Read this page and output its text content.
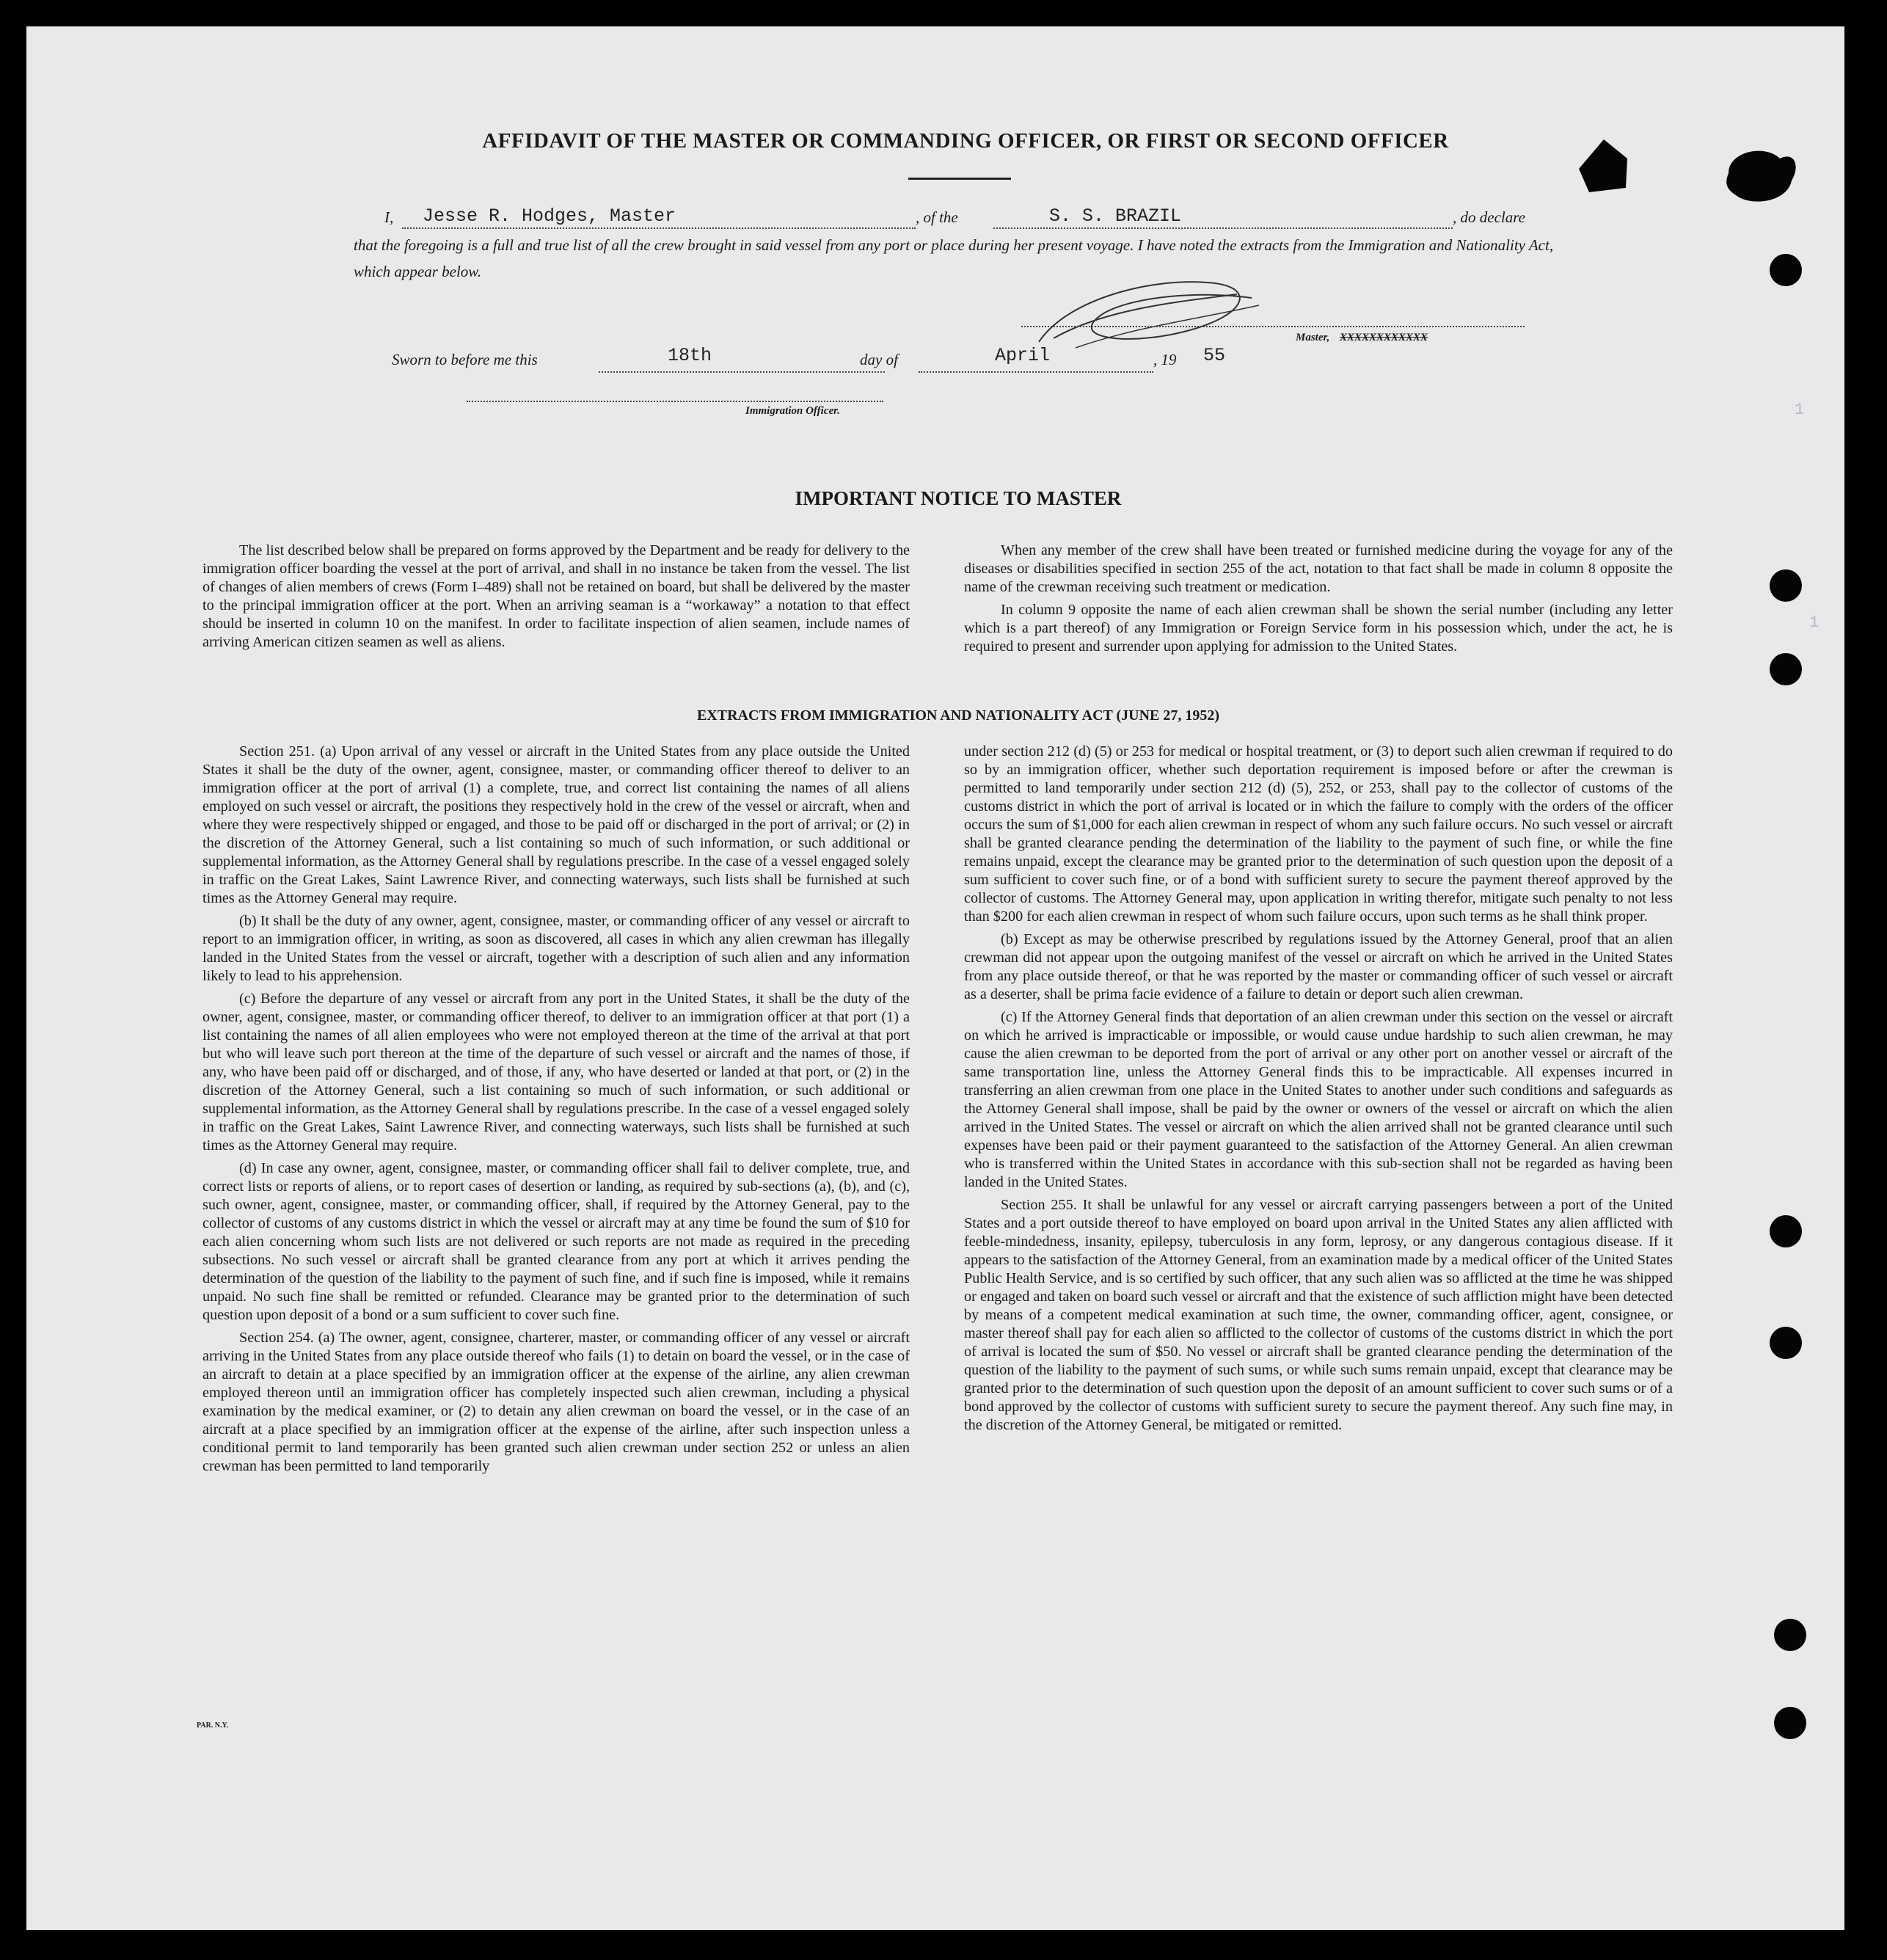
AFFIDAVIT OF THE MASTER OR COMMANDING OFFICER, OR FIRST OR SECOND OFFICER
I, Jesse R. Hodges, Master	, of the	S. S. BRAZIL	, do declare
that the foregoing is a full and true list of all the crew brought in said vessel from any port or place during her present voyage. I have noted the extracts from the Immigration and Nationality Act, which appear below.
Master, XXXXXXXXXXXX
Sworn to before me this	18th	day of	April	, 19 55
Immigration Officer.
IMPORTANT NOTICE TO MASTER

The list described below shall be prepared on forms approved by the Department and be ready for delivery to the immigration officer boarding the vessel at the port of arrival, and shall in no instance be taken from the vessel. The list of changes of alien members of crews (Form I–489) shall not be retained on board, but shall be delivered by the master to the principal immigration officer at the port. When an arriving seaman is a “workaway” a notation to that effect should be inserted in column 10 on the manifest. In order to facilitate inspection of alien seamen, include names of arriving American citizen seamen as well as aliens.

When any member of the crew shall have been treated or furnished medicine during the voyage for any of the diseases or disabilities specified in section 255 of the act, notation to that fact shall be made in column 8 opposite the name of the crewman receiving such treatment or medication.

In column 9 opposite the name of each alien crewman shall be shown the serial number (including any letter which is a part thereof) of any Immigration or Foreign Service form in his possession which, under the act, he is required to present and surrender upon applying for admission to the United States.

EXTRACTS FROM IMMIGRATION AND NATIONALITY ACT (JUNE 27, 1952)

Section 251. (a) Upon arrival of any vessel or aircraft in the United States from any place outside the United States it shall be the duty of the owner, agent, consignee, master, or commanding officer thereof to deliver to an immigration officer at the port of arrival (1) a complete, true, and correct list containing the names of all aliens employed on such vessel or aircraft, the positions they respectively hold in the crew of the vessel or aircraft, when and where they were respectively shipped or engaged, and those to be paid off or discharged in the port of arrival; or (2) in the discretion of the Attorney General, such a list containing so much of such information, or such additional or supplemental information, as the Attorney General shall by regulations prescribe. In the case of a vessel engaged solely in traffic on the Great Lakes, Saint Lawrence River, and connecting waterways, such lists shall be furnished at such times as the Attorney General may require.

(b) It shall be the duty of any owner, agent, consignee, master, or commanding officer of any vessel or aircraft to report to an immigration officer, in writing, as soon as discovered, all cases in which any alien crewman has illegally landed in the United States from the vessel or aircraft, together with a description of such alien and any information likely to lead to his apprehension.

(c) Before the departure of any vessel or aircraft from any port in the United States, it shall be the duty of the owner, agent, consignee, master, or commanding officer thereof, to deliver to an immigration officer at that port (1) a list containing the names of all alien employees who were not employed thereon at the time of the arrival at that port but who will leave such port thereon at the time of the departure of such vessel or aircraft and the names of those, if any, who have been paid off or discharged, and of those, if any, who have deserted or landed at that port, or (2) in the discretion of the Attorney General, such a list containing so much of such information, or such additional or supplemental information, as the Attorney General shall by regulations prescribe. In the case of a vessel engaged solely in traffic on the Great Lakes, Saint Lawrence River, and connecting waterways, such lists shall be furnished at such times as the Attorney General may require.

(d) In case any owner, agent, consignee, master, or commanding officer shall fail to deliver complete, true, and correct lists or reports of aliens, or to report cases of desertion or landing, as required by sub-sections (a), (b), and (c), such owner, agent, consignee, master, or commanding officer, shall, if required by the Attorney General, pay to the collector of customs of any customs district in which the vessel or aircraft may at any time be found the sum of $10 for each alien concerning whom such lists are not delivered or such reports are not made as required in the preceding subsections. No such vessel or aircraft shall be granted clearance from any port at which it arrives pending the determination of the question of the liability to the payment of such fine, and if such fine is imposed, while it remains unpaid. No such fine shall be remitted or refunded. Clearance may be granted prior to the determination of such question upon deposit of a bond or a sum sufficient to cover such fine.

Section 254. (a) The owner, agent, consignee, charterer, master, or commanding officer of any vessel or aircraft arriving in the United States from any place outside thereof who fails (1) to detain on board the vessel, or in the case of an aircraft to detain at a place specified by an immigration officer at the expense of the airline, any alien crewman employed thereon until an immigration officer has completely inspected such alien crewman, including a physical examination by the medical examiner, or (2) to detain any alien crewman on board the vessel, or in the case of an aircraft at a place specified by an immigration officer at the expense of the airline, after such inspection unless a conditional permit to land temporarily has been granted such alien crewman under section 252 or unless an alien crewman has been permitted to land temporarily

under section 212 (d) (5) or 253 for medical or hospital treatment, or (3) to deport such alien crewman if required to do so by an immigration officer, whether such deportation requirement is imposed before or after the crewman is permitted to land temporarily under section 212 (d) (5), 252, or 253, shall pay to the collector of customs of the customs district in which the port of arrival is located or in which the failure to comply with the orders of the officer occurs the sum of $1,000 for each alien crewman in respect of whom any such failure occurs. No such vessel or aircraft shall be granted clearance pending the determination of the liability to the payment of such fine, or while the fine remains unpaid, except the clearance may be granted prior to the determination of such question upon the deposit of a sum sufficient to cover such fine, or of a bond with sufficient surety to secure the payment thereof approved by the collector of customs. The Attorney General may, upon application in writing therefor, mitigate such penalty to not less than $200 for each alien crewman in respect of whom such failure occurs, upon such terms as he shall think proper.

(b) Except as may be otherwise prescribed by regulations issued by the Attorney General, proof that an alien crewman did not appear upon the outgoing manifest of the vessel or aircraft on which he arrived in the United States from any place outside thereof, or that he was reported by the master or commanding officer of such vessel or aircraft as a deserter, shall be prima facie evidence of a failure to detain or deport such alien crewman.

(c) If the Attorney General finds that deportation of an alien crewman under this section on the vessel or aircraft on which he arrived is impracticable or impossible, or would cause undue hardship to such alien crewman, he may cause the alien crewman to be deported from the port of arrival or any other port on another vessel or aircraft of the same transportation line, unless the Attorney General finds this to be impracticable. All expenses incurred in transferring an alien crewman from one place in the United States to another under such conditions and safeguards as the Attorney General shall impose, shall be paid by the owner or owners of the vessel or aircraft on which the alien arrived in the United States. The vessel or aircraft on which the alien arrived shall not be granted clearance until such expenses have been paid or their payment guaranteed to the satisfaction of the Attorney General. An alien crewman who is transferred within the United States in accordance with this sub-section shall not be regarded as having been landed in the United States.

Section 255. It shall be unlawful for any vessel or aircraft carrying passengers between a port of the United States and a port outside thereof to have employed on board upon arrival in the United States any alien afflicted with feeble-mindedness, insanity, epilepsy, tuberculosis in any form, leprosy, or any dangerous contagious disease. If it appears to the satisfaction of the Attorney General, from an examination made by a medical officer of the United States Public Health Service, and is so certified by such officer, that any such alien was so afflicted at the time he was shipped or engaged and taken on board such vessel or aircraft and that the existence of such affliction might have been detected by means of a competent medical examination at such time, the owner, commanding officer, agent, consignee, or master thereof shall pay for each alien so afflicted to the collector of customs of the customs district in which the port of arrival is located the sum of $50. No vessel or aircraft shall be granted clearance pending the determination of the question of the liability to the payment of such sums, or while such sums remain unpaid, except that clearance may be granted prior to the determination of such question upon the deposit of an amount sufficient to cover such sums or of a bond approved by the collector of customs with sufficient surety to secure the payment thereof. Any such fine may, in the discretion of the Attorney General, be mitigated or remitted.

PAR. N.Y.
1
1
